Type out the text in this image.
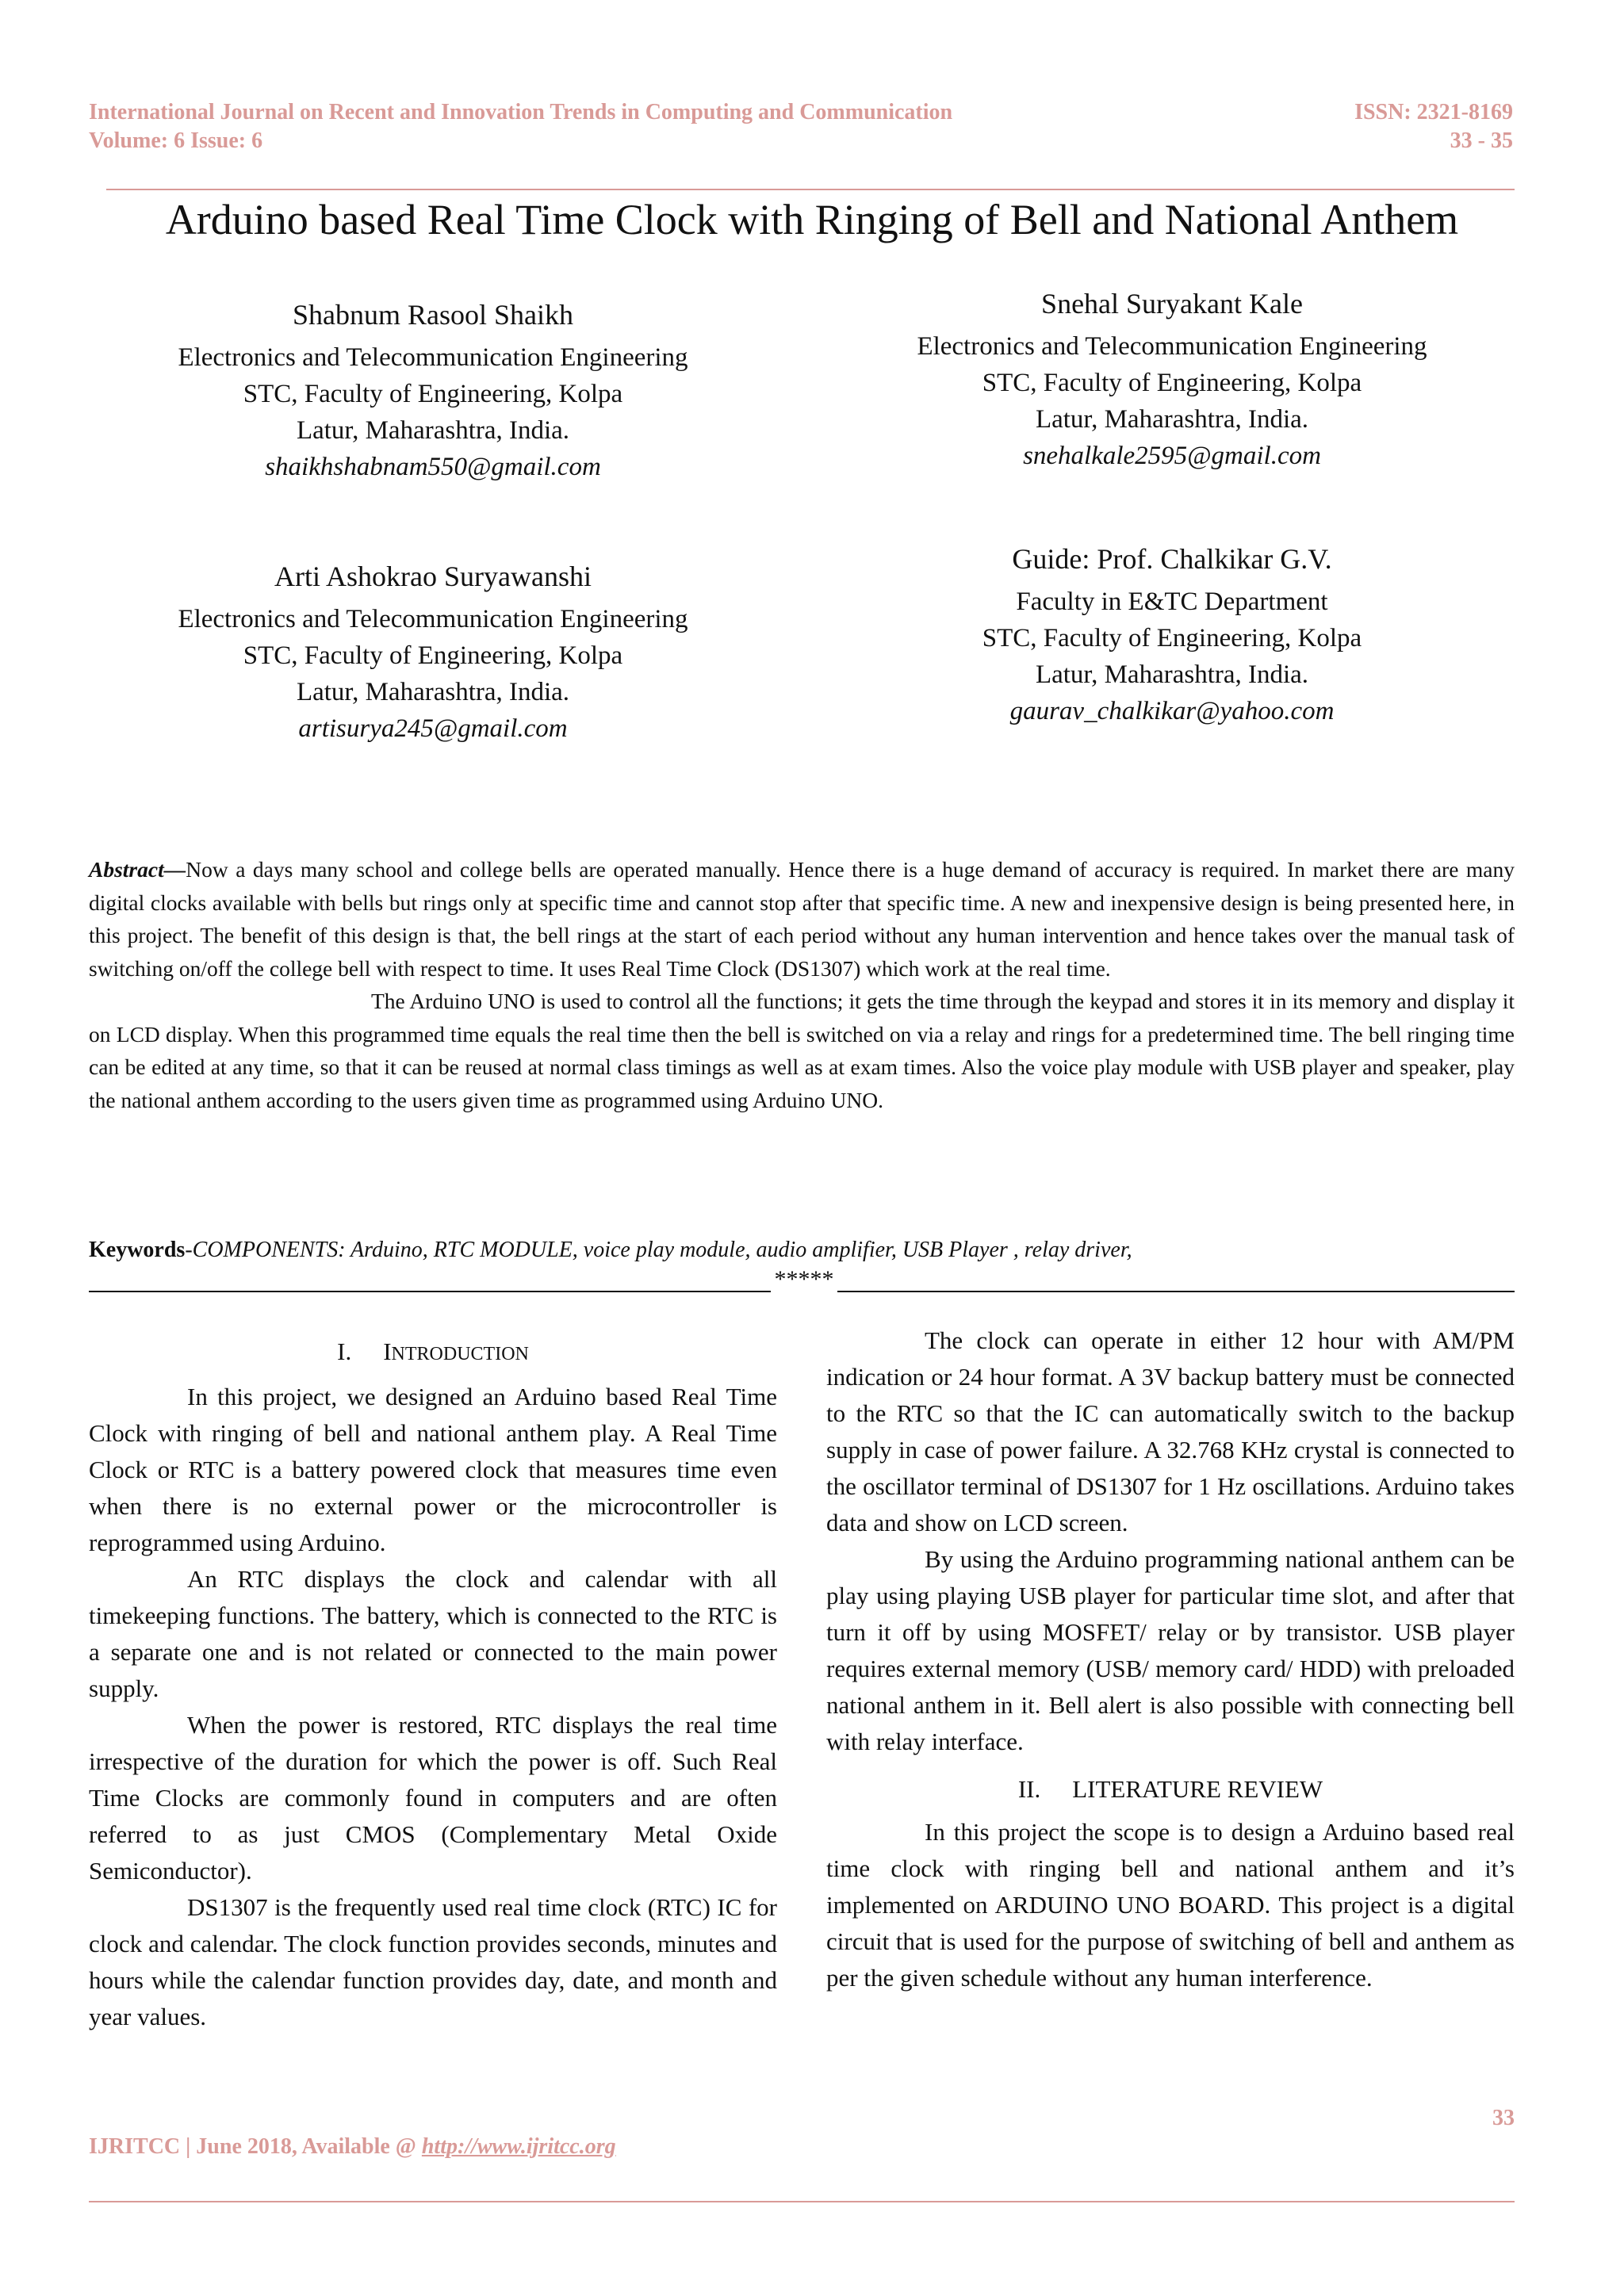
International Journal on Recent and Innovation Trends in Computing and Communication
Volume: 6 Issue: 6
ISSN: 2321-8169
33 - 35
Arduino based Real Time Clock with Ringing of Bell and National Anthem
Shabnum Rasool Shaikh
Electronics and Telecommunication Engineering
STC, Faculty of Engineering, Kolpa
Latur, Maharashtra, India.
shaikhshabnam550@gmail.com
Snehal Suryakant Kale
Electronics and Telecommunication Engineering
STC, Faculty of Engineering, Kolpa
Latur, Maharashtra, India.
snehalkale2595@gmail.com
Arti Ashokrao Suryawanshi
Electronics and Telecommunication Engineering
STC, Faculty of Engineering, Kolpa
Latur, Maharashtra, India.
artisurya245@gmail.com
Guide: Prof. Chalkikar G.V.
Faculty in E&TC Department
STC, Faculty of Engineering, Kolpa
Latur, Maharashtra, India.
gaurav_chalkikar@yahoo.com

Abstract—Now a days many school and college bells are operated manually. Hence there is a huge demand of accuracy is required. In market there are many digital clocks available with bells but rings only at specific time and cannot stop after that specific time. A new and inexpensive design is being presented here, in this project. The benefit of this design is that, the bell rings at the start of each period without any human intervention and hence takes over the manual task of switching on/off the college bell with respect to time. It uses Real Time Clock (DS1307) which work at the real time.

The Arduino UNO is used to control all the functions; it gets the time through the keypad and stores it in its memory and display it on LCD display. When this programmed time equals the real time then the bell is switched on via a relay and rings for a predetermined time. The bell ringing time can be edited at any time, so that it can be reused at normal class timings as well as at exam times. Also the voice play module with USB player and speaker, play the national anthem according to the users given time as programmed using Arduino UNO.

Keywords-COMPONENTS: Arduino, RTC MODULE, voice play module, audio amplifier, USB Player , relay driver,
*****
I. INTRODUCTION

In this project, we designed an Arduino based Real Time Clock with ringing of bell and national anthem play. A Real Time Clock or RTC is a battery powered clock that measures time even when there is no external power or the microcontroller is reprogrammed using Arduino.

An RTC displays the clock and calendar with all timekeeping functions. The battery, which is connected to the RTC is a separate one and is not related or connected to the main power supply.

When the power is restored, RTC displays the real time irrespective of the duration for which the power is off. Such Real Time Clocks are commonly found in computers and are often referred to as just CMOS (Complementary Metal Oxide Semiconductor).

DS1307 is the frequently used real time clock (RTC) IC for clock and calendar. The clock function provides seconds, minutes and hours while the calendar function provides day, date, and month and year values.

The clock can operate in either 12 hour with AM/PM indication or 24 hour format. A 3V backup battery must be connected to the RTC so that the IC can automatically switch to the backup supply in case of power failure. A 32.768 KHz crystal is connected to the oscillator terminal of DS1307 for 1 Hz oscillations. Arduino takes data and show on LCD screen.

By using the Arduino programming national anthem can be play using playing USB player for particular time slot, and after that turn it off by using MOSFET/ relay or by transistor. USB player requires external memory (USB/ memory card/ HDD) with preloaded national anthem in it. Bell alert is also possible with connecting bell with relay interface.

II. LITERATURE REVIEW

In this project the scope is to design a Arduino based real time clock with ringing bell and national anthem and it’s implemented on ARDUINO UNO BOARD. This project is a digital circuit that is used for the purpose of switching of bell and anthem as per the given schedule without any human interference.

33
IJRITCC | June 2018, Available @ http://www.ijritcc.org
